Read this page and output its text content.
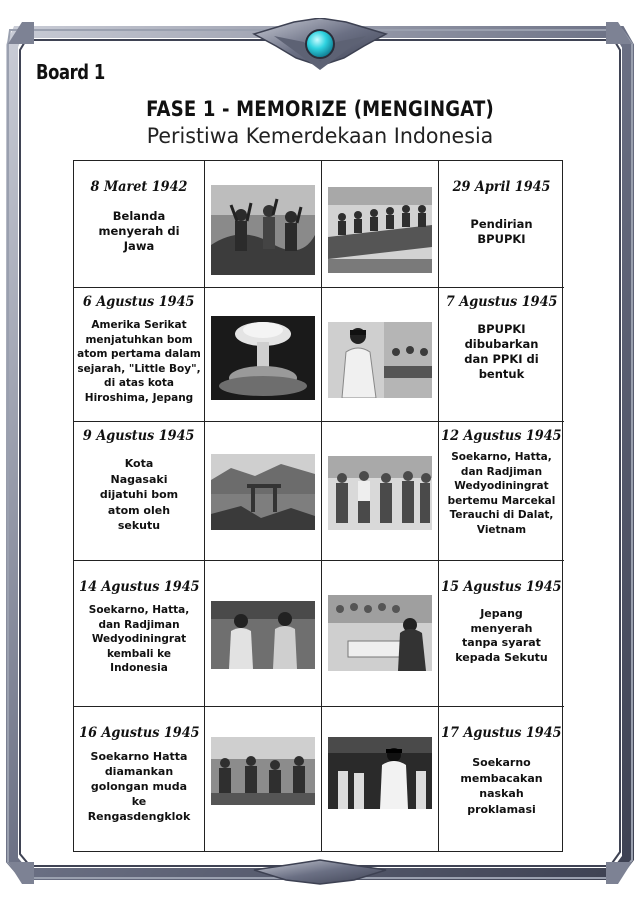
Board 1
FASE 1 - MEMORIZE (MENGINGAT)
Peristiwa Kemerdekaan Indonesia
8 Maret 1942
Belanda
menyerah di
Jawa
29 April 1945
Pendirian
BPUPKI
6 Agustus 1945
Amerika Serikat
menjatuhkan bom
atom pertama dalam
sejarah, "Little Boy",
di atas kota
Hiroshima, Jepang
7 Agustus 1945
BPUPKI
dibubarkan
dan PPKI di
bentuk
9 Agustus 1945
Kota
Nagasaki
dijatuhi bom
atom oleh
sekutu
12 Agustus 1945
Soekarno, Hatta,
dan Radjiman
Wedyodiningrat
bertemu Marcekal
Terauchi di Dalat,
Vietnam
14 Agustus 1945
Soekarno, Hatta,
dan Radjiman
Wedyodiningrat
kembali ke
Indonesia
15 Agustus 1945
Jepang
menyerah
tanpa syarat
kepada Sekutu
16 Agustus 1945
Soekarno Hatta
diamankan
golongan muda
ke
Rengasdengklok
17 Agustus 1945
Soekarno
membacakan
naskah
proklamasi
